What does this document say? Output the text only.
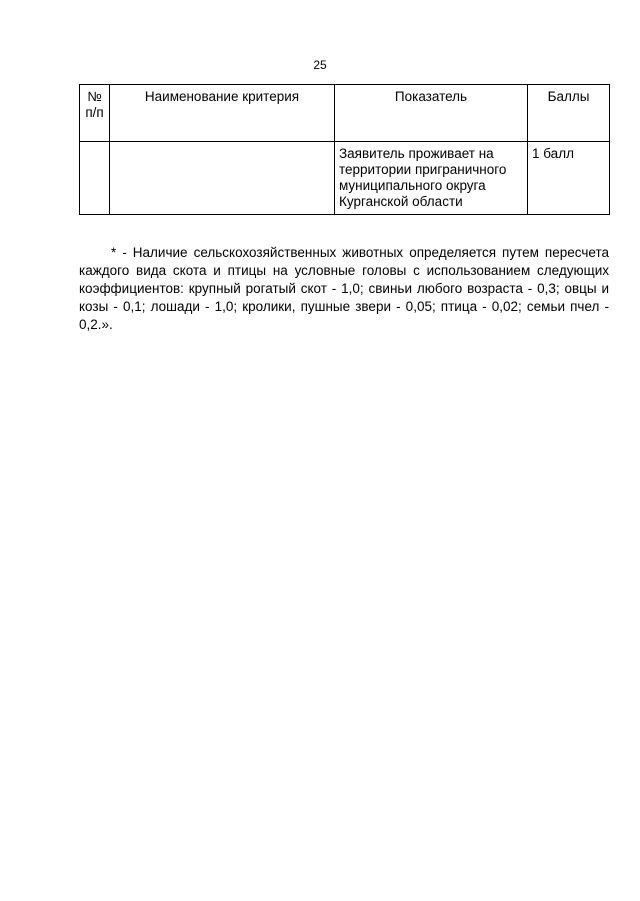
25
№ п/п	Наименование критерия	Показатель	Баллы
		Заявитель проживает на территории приграничного муниципального округа Курганской области	1 балл

* - Наличие сельскохозяйственных животных определяется путем пересчета каждого вида скота и птицы на условные головы с использованием следующих коэффициентов: крупный рогатый скот - 1,0; свиньи любого возраста - 0,3; овцы и козы - 0,1; лошади - 1,0; кролики, пушные звери - 0,05; птица - 0,02; семьи пчел - 0,2.».
